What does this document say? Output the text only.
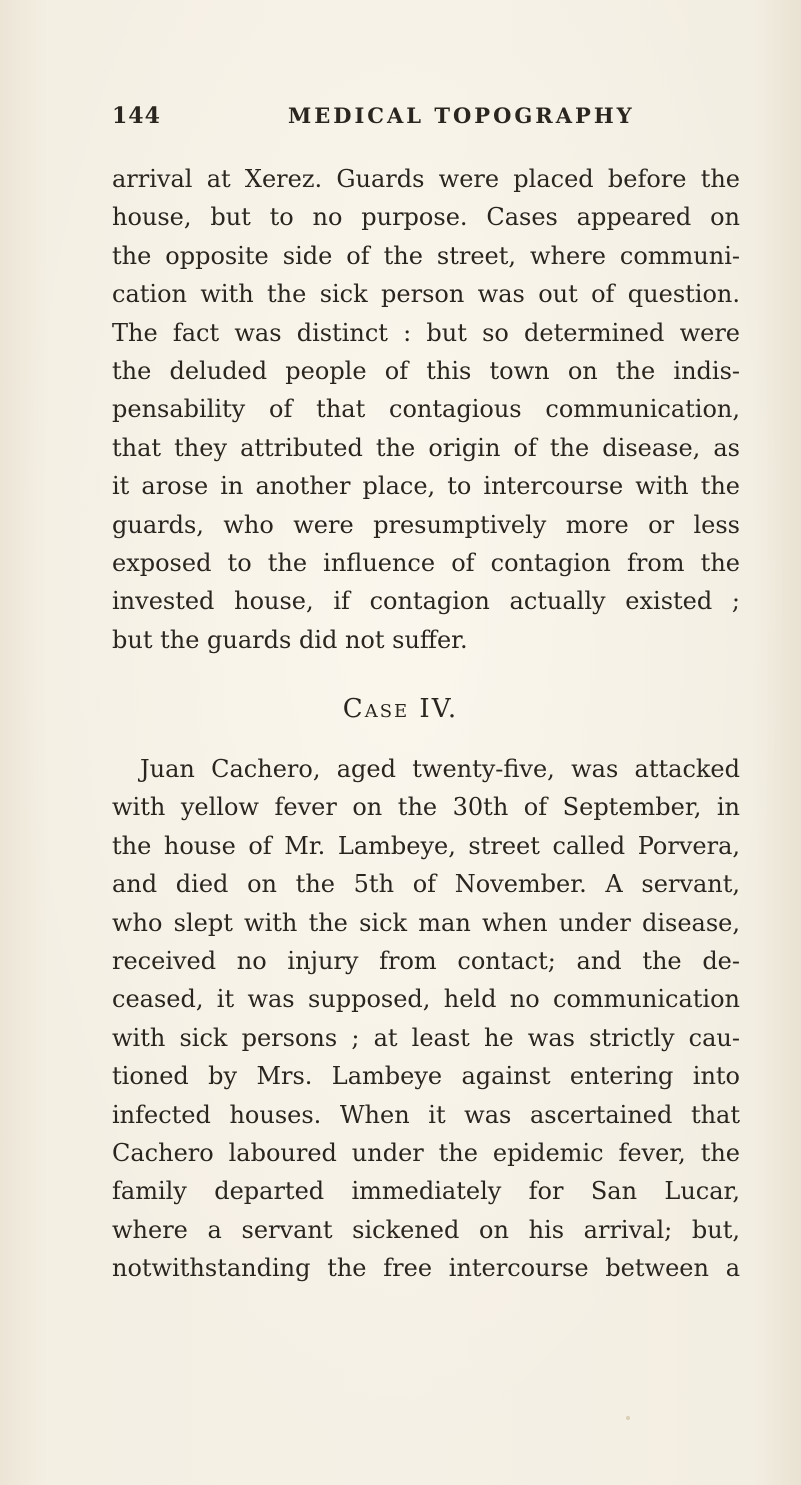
144	MEDICAL TOPOGRAPHY
arrival at Xerez. Guards were placed before the
house, but to no purpose. Cases appeared on
the opposite side of the street, where communi-
cation with the sick person was out of question.
The fact was distinct : but so determined were
the deluded people of this town on the indis-
pensability of that contagious communication,
that they attributed the origin of the disease, as
it arose in another place, to intercourse with the
guards, who were presumptively more or less
exposed to the influence of contagion from the
invested house, if contagion actually existed ;
but the guards did not suffer.
Case IV.
Juan Cachero, aged twenty-five, was attacked
with yellow fever on the 30th of September, in
the house of Mr. Lambeye, street called Porvera,
and died on the 5th of November. A servant,
who slept with the sick man when under disease,
received no injury from contact; and the de-
ceased, it was supposed, held no communication
with sick persons ; at least he was strictly cau-
tioned by Mrs. Lambeye against entering into
infected houses. When it was ascertained that
Cachero laboured under the epidemic fever, the
family departed immediately for San Lucar,
where a servant sickened on his arrival; but,
notwithstanding the free intercourse between a
